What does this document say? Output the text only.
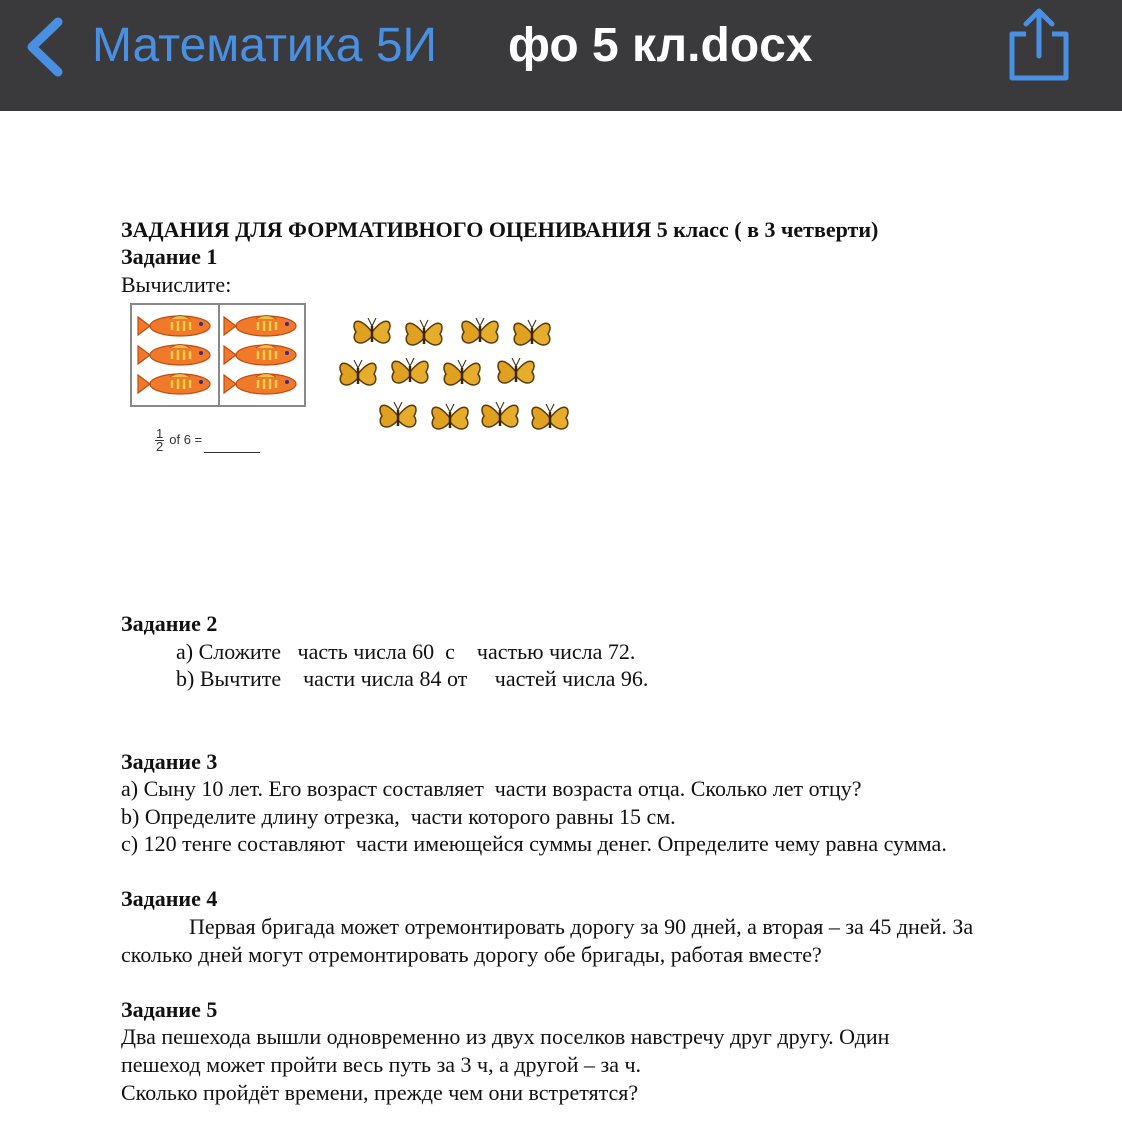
Математика 5И фо 5 кл.docx
ЗАДАНИЯ ДЛЯ ФОРМАТИВНОГО ОЦЕНИВАНИЯ 5 класс ( в 3 четверти)
Задание 1
Вычислите:
$\frac{1}{2}$ of 6 =
Задание 2
a) Сложите   часть числа 60  с    частью числа 72.
b) Вычтите    части числа 84 от     частей числа 96.
Задание 3
a) Сыну 10 лет. Его возраст составляет  части возраста отца. Сколько лет отцу?
b) Определите длину отрезка,  части которого равны 15 см.
c) 120 тенге составляют  части имеющейся суммы денег. Определите чему равна сумма.
Задание 4
Первая бригада может отремонтировать дорогу за 90 дней, а вторая – за 45 дней. За
сколько дней могут отремонтировать дорогу обе бригады, работая вместе?
Задание 5
Два пешехода вышли одновременно из двух поселков навстречу друг другу. Один
пешеход может пройти весь путь за 3 ч, а другой – за ч.
Сколько пройдёт времени, прежде чем они встретятся?
